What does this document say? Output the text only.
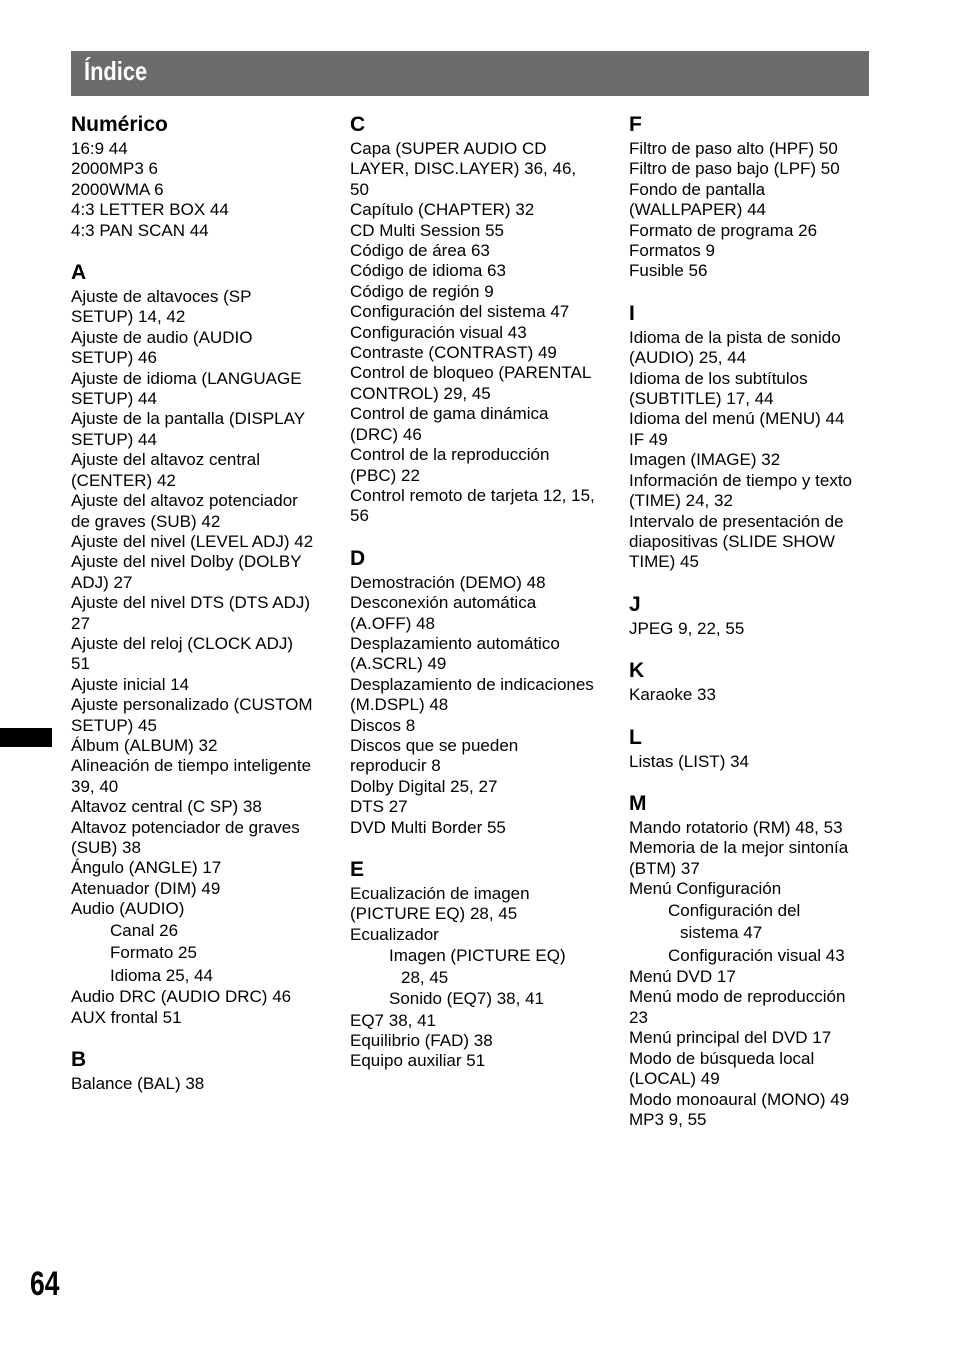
Índice
Numérico
16:9 44
2000MP3 6
2000WMA 6
4:3 LETTER BOX 44
4:3 PAN SCAN 44
A
Ajuste de altavoces (SP SETUP) 14, 42
Ajuste de audio (AUDIO SETUP) 46
Ajuste de idioma (LANGUAGE SETUP) 44
Ajuste de la pantalla (DISPLAY SETUP) 44
Ajuste del altavoz central (CENTER) 42
Ajuste del altavoz potenciador de graves (SUB) 42
Ajuste del nivel (LEVEL ADJ) 42
Ajuste del nivel Dolby (DOLBY ADJ) 27
Ajuste del nivel DTS (DTS ADJ) 27
Ajuste del reloj (CLOCK ADJ) 51
Ajuste inicial 14
Ajuste personalizado (CUSTOM SETUP) 45
Álbum (ALBUM) 32
Alineación de tiempo inteligente 39, 40
Altavoz central (C SP) 38
Altavoz potenciador de graves (SUB) 38
Ángulo (ANGLE) 17
Atenuador (DIM) 49
Audio (AUDIO)
Canal 26
Formato 25
Idioma 25, 44
Audio DRC (AUDIO DRC) 46
AUX frontal 51
B
Balance (BAL) 38
C
Capa (SUPER AUDIO CD LAYER, DISC.LAYER) 36, 46, 50
Capítulo (CHAPTER) 32
CD Multi Session 55
Código de área 63
Código de idioma 63
Código de región 9
Configuración del sistema 47
Configuración visual 43
Contraste (CONTRAST) 49
Control de bloqueo (PARENTAL CONTROL) 29, 45
Control de gama dinámica (DRC) 46
Control de la reproducción (PBC) 22
Control remoto de tarjeta 12, 15, 56
D
Demostración (DEMO) 48
Desconexión automática (A.OFF) 48
Desplazamiento automático (A.SCRL) 49
Desplazamiento de indicaciones (M.DSPL) 48
Discos 8
Discos que se pueden reproducir 8
Dolby Digital 25, 27
DTS 27
DVD Multi Border 55
E
Ecualización de imagen (PICTURE EQ) 28, 45
Ecualizador
Imagen (PICTURE EQ)
28, 45
Sonido (EQ7) 38, 41
EQ7 38, 41
Equilibrio (FAD) 38
Equipo auxiliar 51
F
Filtro de paso alto (HPF) 50
Filtro de paso bajo (LPF) 50
Fondo de pantalla (WALLPAPER) 44
Formato de programa 26
Formatos 9
Fusible 56
I
Idioma de la pista de sonido (AUDIO) 25, 44
Idioma de los subtítulos (SUBTITLE) 17, 44
Idioma del menú (MENU) 44
IF 49
Imagen (IMAGE) 32
Información de tiempo y texto (TIME) 24, 32
Intervalo de presentación de diapositivas (SLIDE SHOW TIME) 45
J
JPEG 9, 22, 55
K
Karaoke 33
L
Listas (LIST) 34
M
Mando rotatorio (RM) 48, 53
Memoria de la mejor sintonía (BTM) 37
Menú Configuración
Configuración del
sistema 47
Configuración visual 43
Menú DVD 17
Menú modo de reproducción 23
Menú principal del DVD 17
Modo de búsqueda local (LOCAL) 49
Modo monoaural (MONO) 49
MP3 9, 55
64
